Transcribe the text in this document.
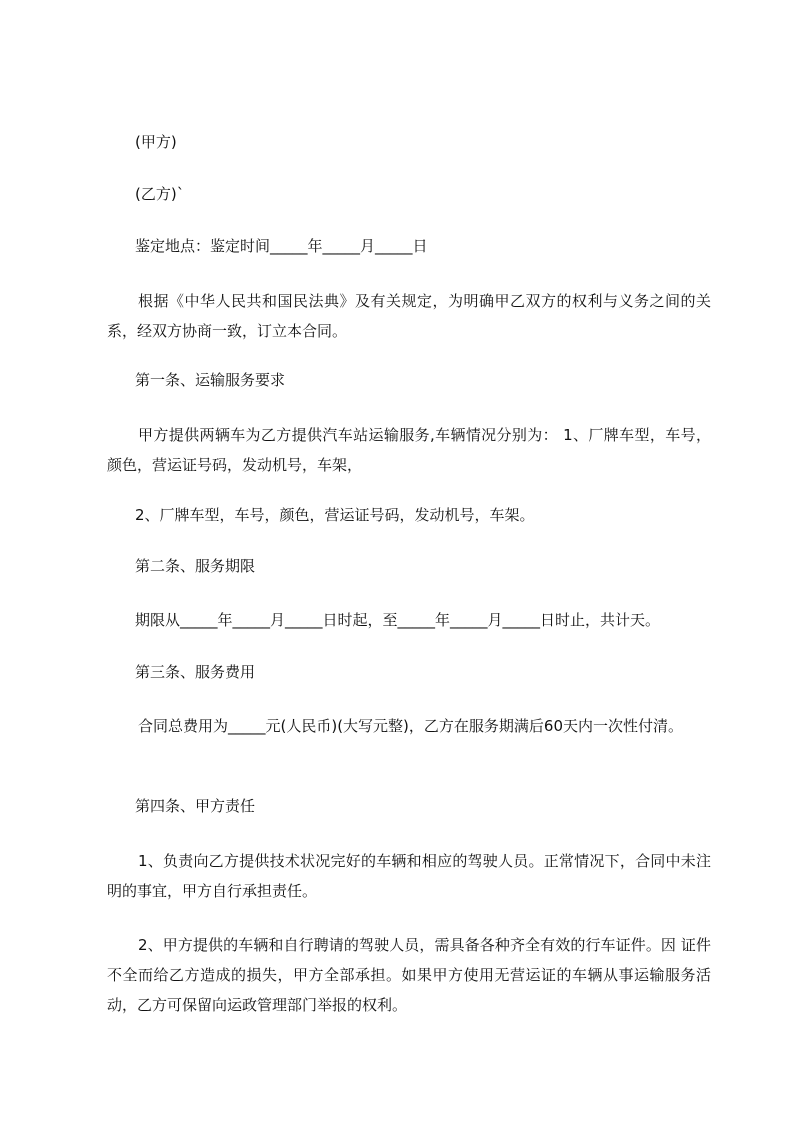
(甲方)

(乙方)`

鉴定地点：鉴定时间_____年_____月_____日

根据《中华人民共和国民法典》及有关规定，为明确甲乙双方的权利与义务之间的关系，经双方协商一致，订立本合同。

第一条、运输服务要求

甲方提供两辆车为乙方提供汽车站运输服务,车辆情况分别为： 1、厂牌车型，车号，颜色，营运证号码，发动机号，车架，

2、厂牌车型，车号，颜色，营运证号码，发动机号，车架。

第二条、服务期限

期限从_____年_____月_____日时起，至_____年_____月_____日时止，共计天。

第三条、服务费用

合同总费用为_____元(人民币)(大写元整)，乙方在服务期满后60天内一次性付清。

第四条、甲方责任

1、负责向乙方提供技术状况完好的车辆和相应的驾驶人员。正常情况下，合同中未注明的事宜，甲方自行承担责任。

2、甲方提供的车辆和自行聘请的驾驶人员，需具备各种齐全有效的行车证件。因 证件不全而给乙方造成的损失，甲方全部承担。如果甲方使用无营运证的车辆从事运输服务活动，乙方可保留向运政管理部门举报的权利。
